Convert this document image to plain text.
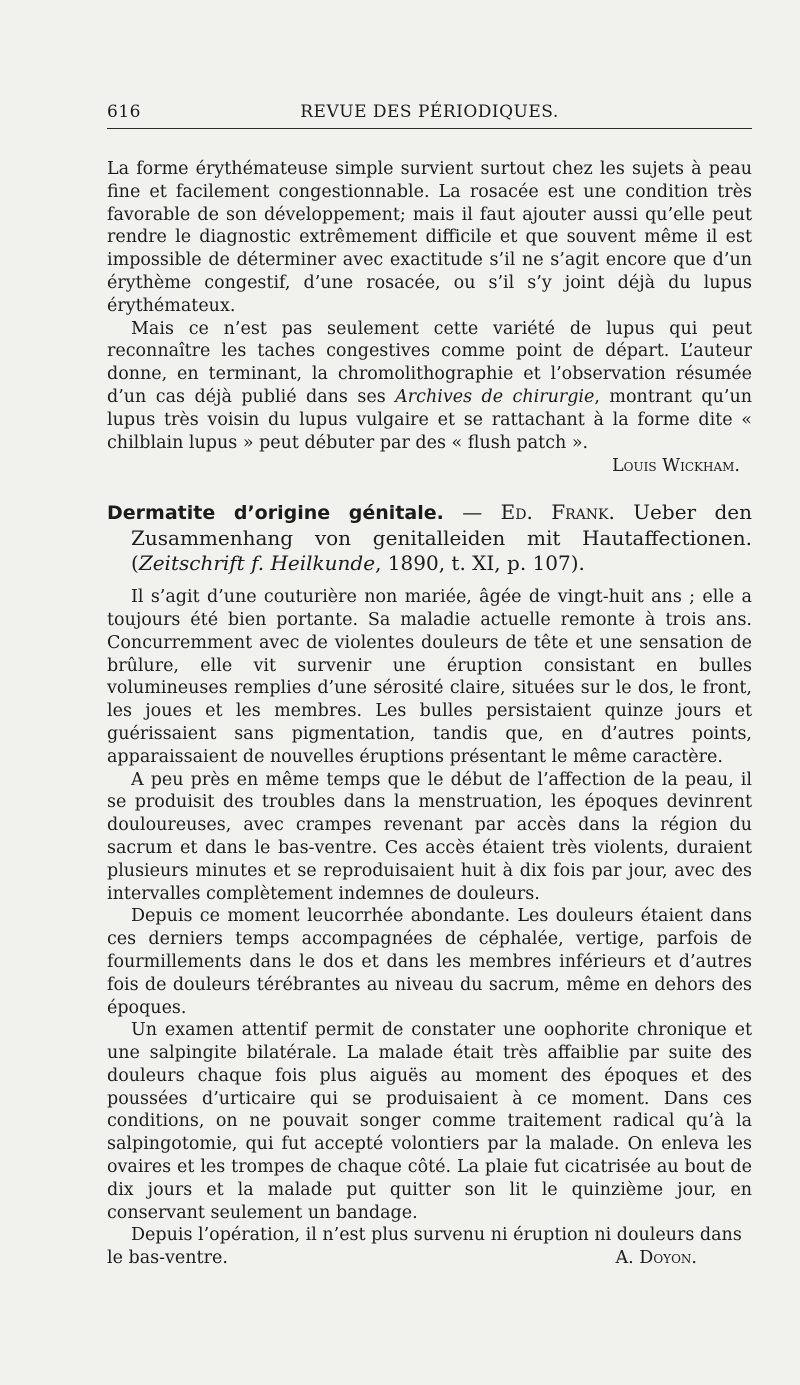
616	REVUE DES PÉRIODIQUES.

La forme érythémateuse simple survient surtout chez les sujets à peau fine et facilement congestionnable. La rosacée est une condition très favorable de son développement; mais il faut ajouter aussi qu’elle peut rendre le diagnostic extrêmement difficile et que souvent même il est impossible de déterminer avec exactitude s’il ne s’agit encore que d’un érythème congestif, d’une rosacée, ou s’il s’y joint déjà du lupus érythémateux.

Mais ce n’est pas seulement cette variété de lupus qui peut reconnaître les taches congestives comme point de départ. L’auteur donne, en terminant, la chromolithographie et l’observation résumée d’un cas déjà publié dans ses Archives de chirurgie, montrant qu’un lupus très voisin du lupus vulgaire et se rattachant à la forme dite « chilblain lupus » peut débuter par des « flush patch ».

Louis Wickham.
Dermatite d’origine génitale. — Ed. Frank. Ueber den Zusammenhang von genitalleiden mit Hautaffectionen. (Zeitschrift f. Heilkunde, 1890, t. XI, p. 107).

Il s’agit d’une couturière non mariée, âgée de vingt-huit ans ; elle a toujours été bien portante. Sa maladie actuelle remonte à trois ans. Concurremment avec de violentes douleurs de tête et une sensation de brûlure, elle vit survenir une éruption consistant en bulles volumineuses remplies d’une sérosité claire, situées sur le dos, le front, les joues et les membres. Les bulles persistaient quinze jours et guérissaient sans pigmentation, tandis que, en d’autres points, apparaissaient de nouvelles éruptions présentant le même caractère.

A peu près en même temps que le début de l’affection de la peau, il se produisit des troubles dans la menstruation, les époques devinrent douloureuses, avec crampes revenant par accès dans la région du sacrum et dans le bas-ventre. Ces accès étaient très violents, duraient plusieurs minutes et se reproduisaient huit à dix fois par jour, avec des intervalles complètement indemnes de douleurs.

Depuis ce moment leucorrhée abondante. Les douleurs étaient dans ces derniers temps accompagnées de céphalée, vertige, parfois de fourmillements dans le dos et dans les membres inférieurs et d’autres fois de douleurs térébrantes au niveau du sacrum, même en dehors des époques.

Un examen attentif permit de constater une oophorite chronique et une salpingite bilatérale. La malade était très affaiblie par suite des douleurs chaque fois plus aiguës au moment des époques et des poussées d’urticaire qui se produisaient à ce moment. Dans ces conditions, on ne pouvait songer comme traitement radical qu’à la salpingotomie, qui fut accepté volontiers par la malade. On enleva les ovaires et les trompes de chaque côté. La plaie fut cicatrisée au bout de dix jours et la malade put quitter son lit le quinzième jour, en conservant seulement un bandage.

Depuis l’opération, il n’est plus survenu ni éruption ni douleurs dans

le bas-ventre.	A. Doyon.
